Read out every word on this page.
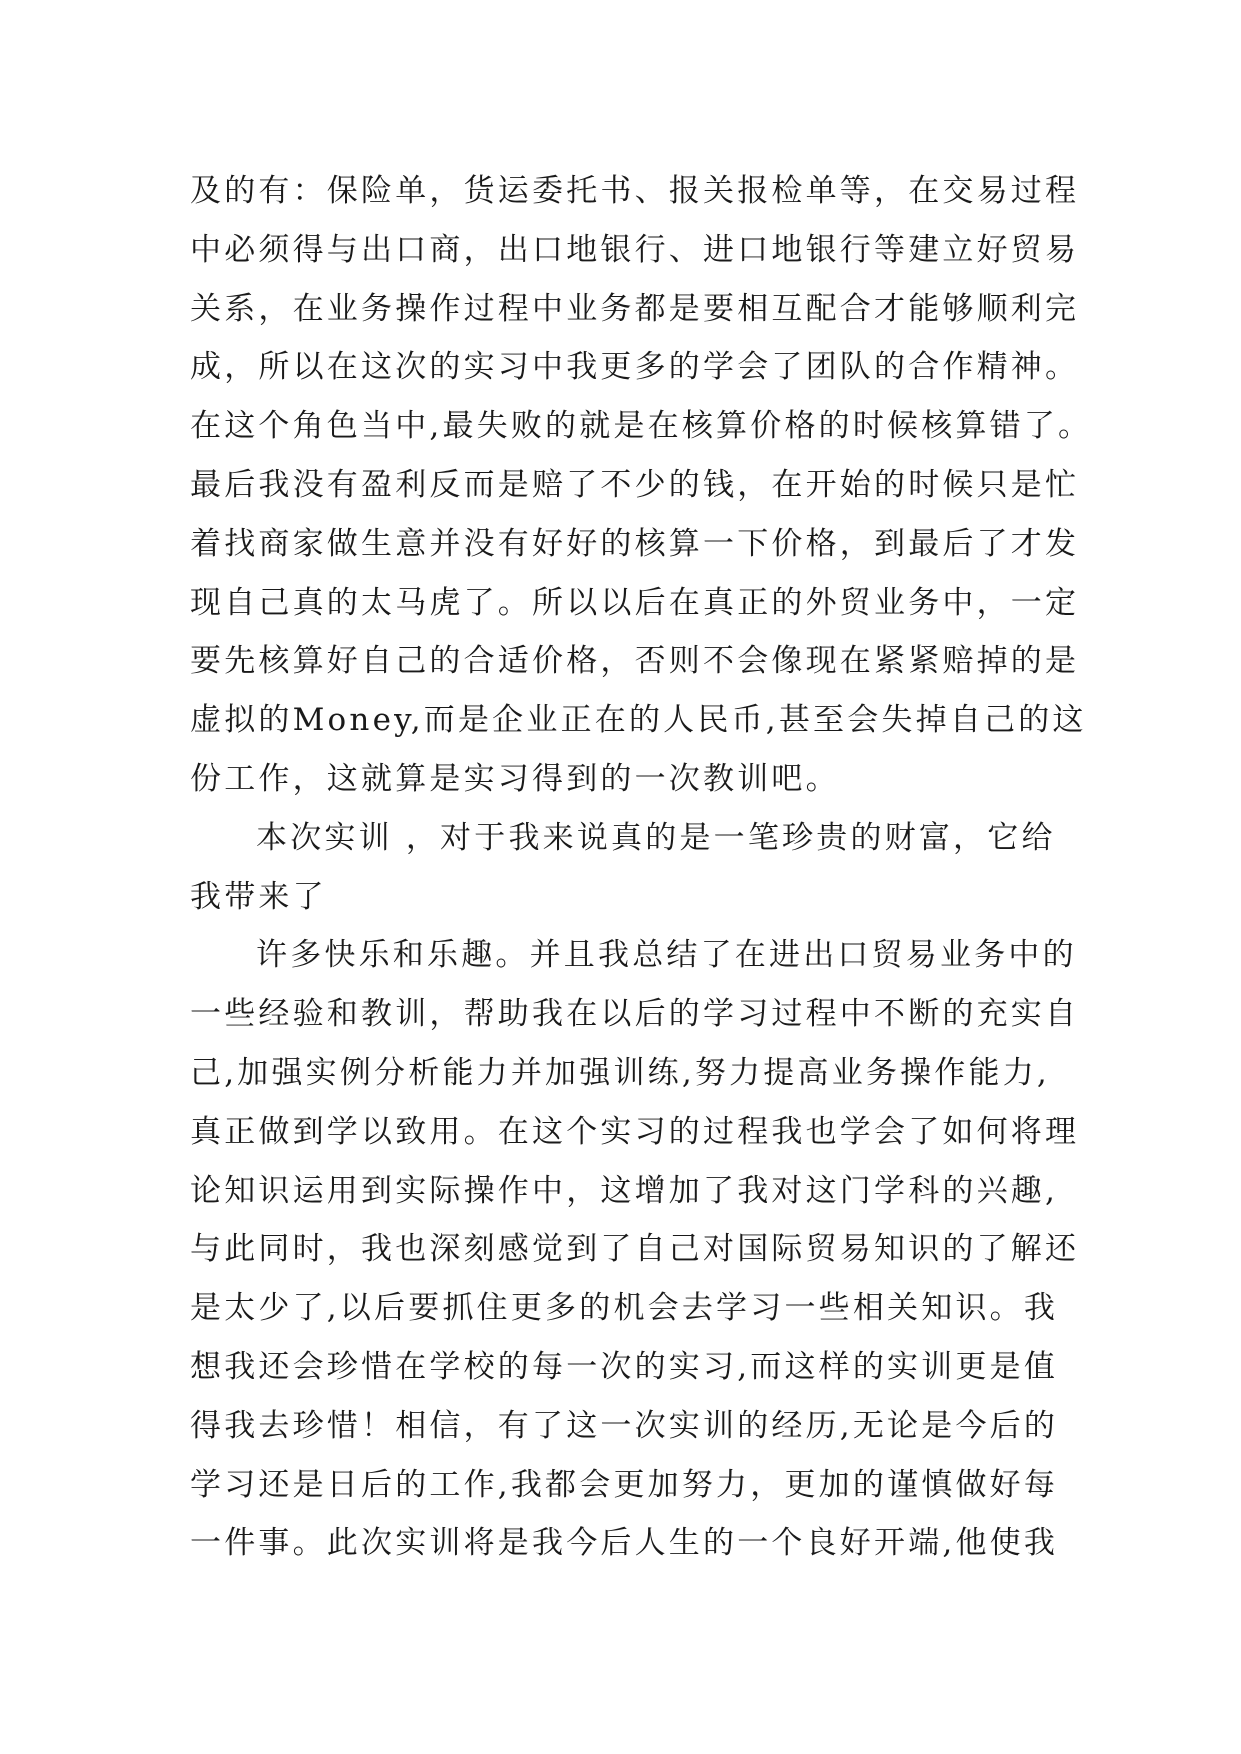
及的有：保险单，货运委托书、报关报检单等，在交易过程
中必须得与出口商，出口地银行、进口地银行等建立好贸易
关系，在业务操作过程中业务都是要相互配合才能够顺利完
成，所以在这次的实习中我更多的学会了团队的合作精神。
在这个角色当中,最失败的就是在核算价格的时候核算错了。
最后我没有盈利反而是赔了不少的钱，在开始的时候只是忙
着找商家做生意并没有好好的核算一下价格，到最后了才发
现自己真的太马虎了。所以以后在真正的外贸业务中，一定
要先核算好自己的合适价格，否则不会像现在紧紧赔掉的是
虚拟的Money,而是企业正在的人民币,甚至会失掉自己的这
份工作，这就算是实习得到的一次教训吧。
本次实训 ，对于我来说真的是一笔珍贵的财富，它给
我带来了
许多快乐和乐趣。并且我总结了在进出口贸易业务中的
一些经验和教训，帮助我在以后的学习过程中不断的充实自
己,加强实例分析能力并加强训练,努力提高业务操作能力,
真正做到学以致用。在这个实习的过程我也学会了如何将理
论知识运用到实际操作中，这增加了我对这门学科的兴趣,
与此同时，我也深刻感觉到了自己对国际贸易知识的了解还
是太少了,以后要抓住更多的机会去学习一些相关知识。我
想我还会珍惜在学校的每一次的实习,而这样的实训更是值
得我去珍惜！相信，有了这一次实训的经历,无论是今后的
学习还是日后的工作,我都会更加努力，更加的谨慎做好每
一件事。此次实训将是我今后人生的一个良好开端,他使我
